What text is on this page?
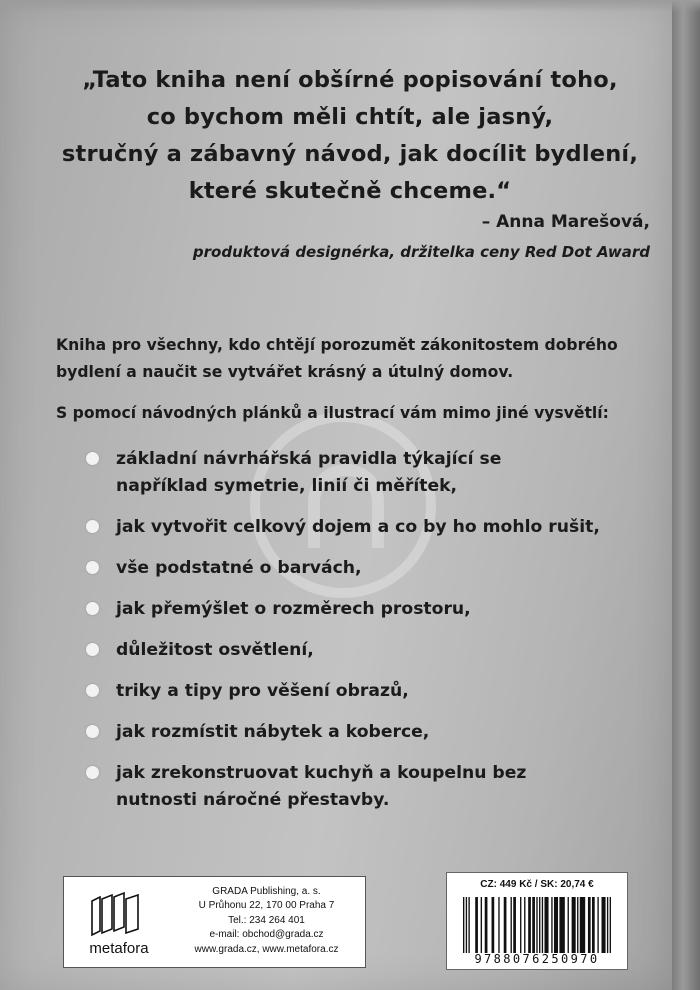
„Tato kniha není obšírné popisování toho,
co bychom měli chtít, ale jasný,
stručný a zábavný návod, jak docílit bydlení,
které skutečně chceme.“
– Anna Marešová,
produktová designérka, držitelka ceny Red Dot Award
Kniha pro všechny, kdo chtějí porozumět zákonitostem dobrého
bydlení a naučit se vytvářet krásný a útulný domov.
S pomocí návodných plánků a ilustrací vám mimo jiné vysvětlí:
základní návrhářská pravidla týkající se
například symetrie, linií či měřítek,
jak vytvořit celkový dojem a co by ho mohlo rušit,
vše podstatné o barvách,
jak přemýšlet o rozměrech prostoru,
důležitost osvětlení,
triky a tipy pro věšení obrazů,
jak rozmístit nábytek a koberce,
jak zrekonstruovat kuchyň a koupelnu bez
nutnosti náročné přestavby.
metafora
GRADA Publishing, a. s.
U Průhonu 22, 170 00 Praha 7
Tel.: 234 264 401
e-mail: obchod@grada.cz
www.grada.cz, www.metafora.cz
CZ: 449 Kč / SK: 20,74 €
9788076250970
